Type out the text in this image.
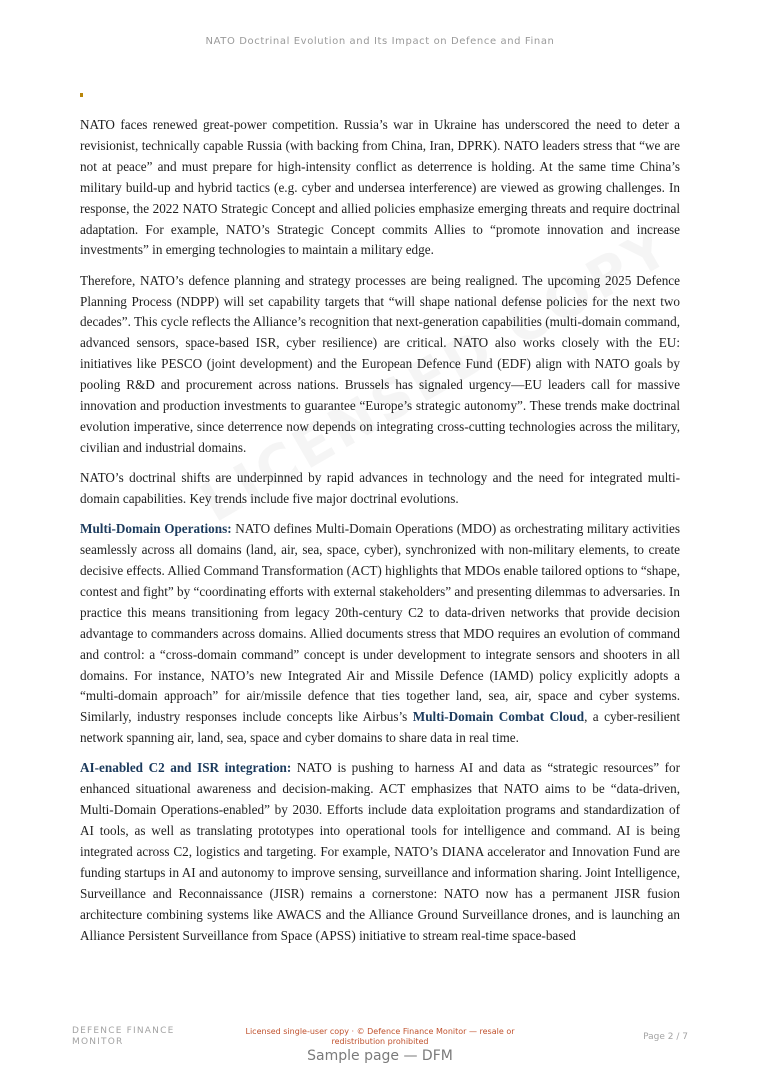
NATO Doctrinal Evolution and Its Impact on Defence and Finan

NATO faces renewed great-power competition. Russia’s war in Ukraine has underscored the need to deter a revisionist, technically capable Russia (with backing from China, Iran, DPRK). NATO leaders stress that “we are not at peace” and must prepare for high-intensity conflict as deterrence is holding. At the same time China’s military build-up and hybrid tactics (e.g. cyber and undersea interference) are viewed as growing challenges. In response, the 2022 NATO Strategic Concept and allied policies emphasize emerging threats and require doctrinal adaptation. For example, NATO’s Strategic Concept commits Allies to “promote innovation and increase investments” in emerging technologies to maintain a military edge.

Therefore, NATO’s defence planning and strategy processes are being realigned. The upcoming 2025 Defence Planning Process (NDPP) will set capability targets that “will shape national defense policies for the next two decades”. This cycle reflects the Alliance’s recognition that next-generation capabilities (multi-domain command, advanced sensors, space-based ISR, cyber resilience) are critical. NATO also works closely with the EU: initiatives like PESCO (joint development) and the European Defence Fund (EDF) align with NATO goals by pooling R&D and procurement across nations. Brussels has signaled urgency—EU leaders call for massive innovation and production investments to guarantee “Europe’s strategic autonomy”. These trends make doctrinal evolution imperative, since deterrence now depends on integrating cross-cutting technologies across the military, civilian and industrial domains.

NATO’s doctrinal shifts are underpinned by rapid advances in technology and the need for integrated multi-domain capabilities. Key trends include five major doctrinal evolutions.

Multi-Domain Operations: NATO defines Multi-Domain Operations (MDO) as orchestrating military activities seamlessly across all domains (land, air, sea, space, cyber), synchronized with non-military elements, to create decisive effects. Allied Command Transformation (ACT) highlights that MDOs enable tailored options to “shape, contest and fight” by “coordinating efforts with external stakeholders” and presenting dilemmas to adversaries. In practice this means transitioning from legacy 20th-century C2 to data-driven networks that provide decision advantage to commanders across domains. Allied documents stress that MDO requires an evolution of command and control: a “cross-domain command” concept is under development to integrate sensors and shooters in all domains. For instance, NATO’s new Integrated Air and Missile Defence (IAMD) policy explicitly adopts a “multi-domain approach” for air/missile defence that ties together land, sea, air, space and cyber systems. Similarly, industry responses include concepts like Airbus’s Multi-Domain Combat Cloud, a cyber-resilient network spanning air, land, sea, space and cyber domains to share data in real time.

AI-enabled C2 and ISR integration: NATO is pushing to harness AI and data as “strategic resources” for enhanced situational awareness and decision-making. ACT emphasizes that NATO aims to be “data-driven, Multi-Domain Operations-enabled” by 2030. Efforts include data exploitation programs and standardization of AI tools, as well as translating prototypes into operational tools for intelligence and command. AI is being integrated across C2, logistics and targeting. For example, NATO’s DIANA accelerator and Innovation Fund are funding startups in AI and autonomy to improve sensing, surveillance and information sharing. Joint Intelligence, Surveillance and Reconnaissance (JISR) remains a cornerstone: NATO now has a permanent JISR fusion architecture combining systems like AWACS and the Alliance Ground Surveillance drones, and is launching an Alliance Persistent Surveillance from Space (APSS) initiative to stream real-time space-based

DEFENCE FINANCE
MONITOR
Licensed single-user copy · © Defence Finance Monitor — resale or redistribution prohibited	Page 2 / 7
Sample page — DFM
